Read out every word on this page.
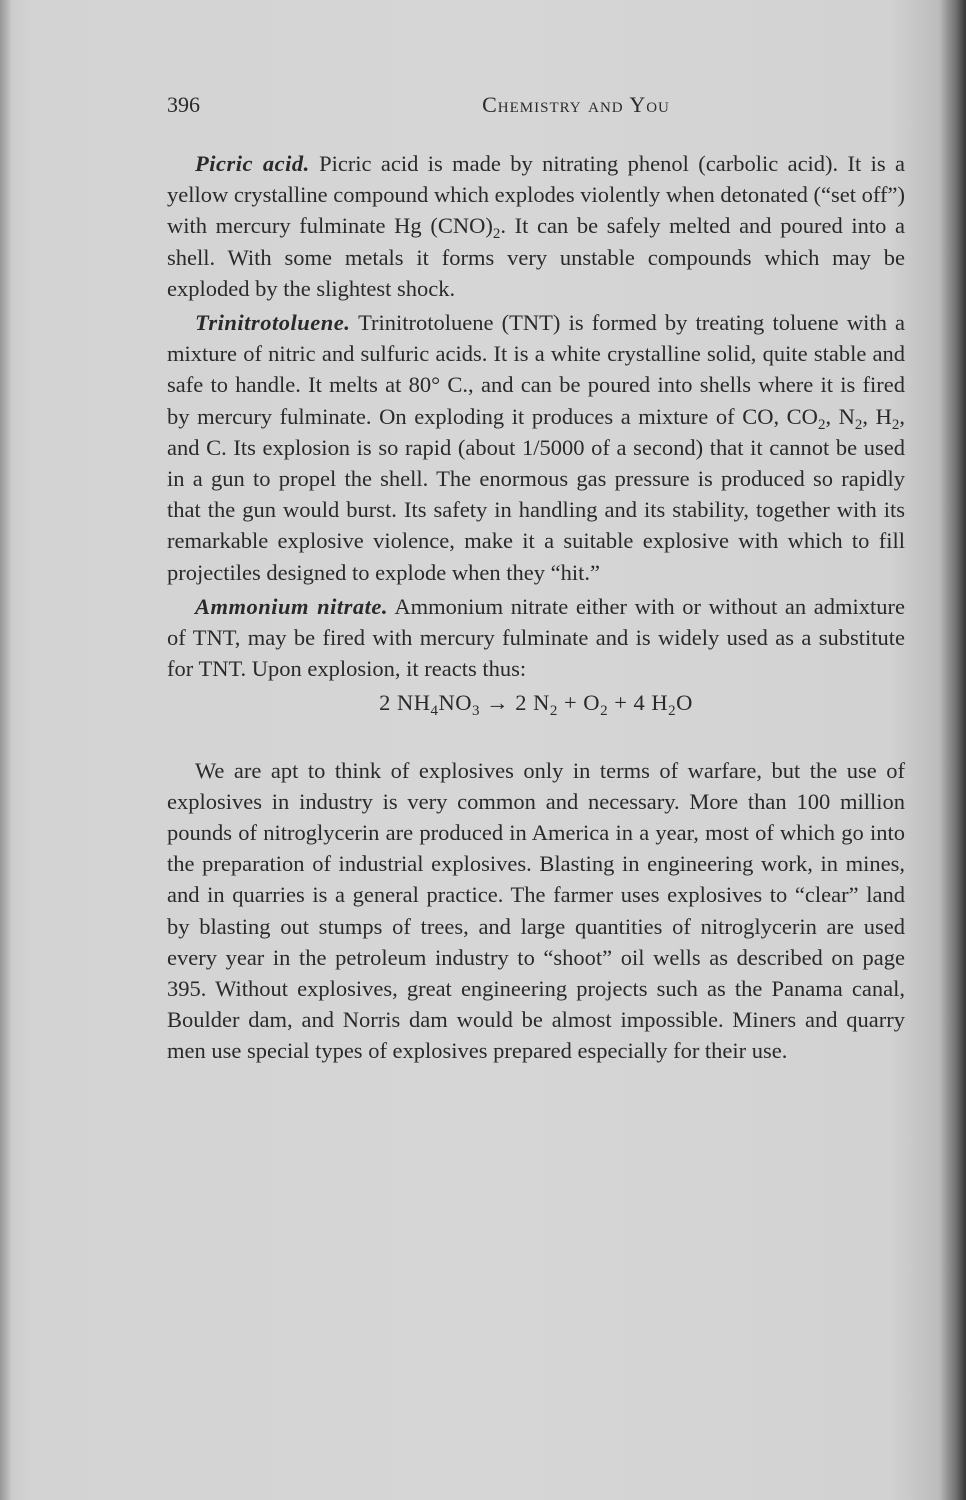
396	Chemistry and You

Picric acid. Picric acid is made by nitrating phenol (carbolic acid). It is a yellow crystalline compound which explodes violently when detonated (“set off”) with mercury fulminate Hg $(CNO)_2$. It can be safely melted and poured into a shell. With some metals it forms very unstable compounds which may be exploded by the slightest shock.

Trinitrotoluene. Trinitrotoluene (TNT) is formed by treating toluene with a mixture of nitric and sulfuric acids. It is a white crystalline solid, quite stable and safe to handle. It melts at 80° C., and can be poured into shells where it is fired by mercury fulminate. On exploding it produces a mixture of CO, $CO_2$, $N_2$, $H_2$, and C. Its explosion is so rapid (about 1/5000 of a second) that it cannot be used in a gun to propel the shell. The enormous gas pressure is produced so rapidly that the gun would burst. Its safety in handling and its stability, together with its remarkable explosive violence, make it a suitable explosive with which to fill projectiles designed to explode when they “hit.”

Ammonium nitrate. Ammonium nitrate either with or without an admixture of TNT, may be fired with mercury fulminate and is widely used as a substitute for TNT. Upon explosion, it reacts thus:

2 $NH_4NO_3 \to 2$ $N_2 + O_2 + 4$ $H_2O$

We are apt to think of explosives only in terms of warfare, but the use of explosives in industry is very common and necessary. More than 100 million pounds of nitroglycerin are produced in America in a year, most of which go into the preparation of industrial explosives. Blasting in engineering work, in mines, and in quarries is a general practice. The farmer uses explosives to “clear” land by blasting out stumps of trees, and large quantities of nitroglycerin are used every year in the petroleum industry to “shoot” oil wells as described on page 395. Without explosives, great engineering projects such as the Panama canal, Boulder dam, and Norris dam would be almost impossible. Miners and quarry men use special types of explosives prepared especially for their use.
